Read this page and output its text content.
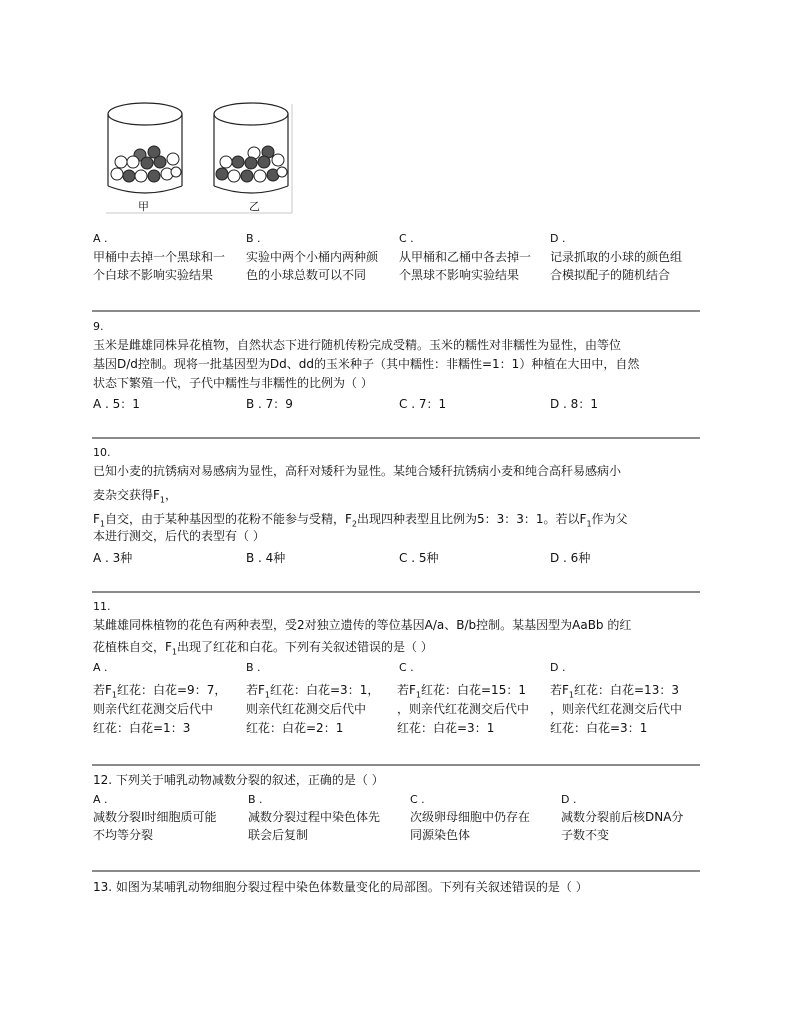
甲	乙
A .
甲桶中去掉一个黑球和一
个白球不影响实验结果
B .
实验中两个小桶内两种颜
色的小球总数可以不同
C .
从甲桶和乙桶中各去掉一
个黑球不影响实验结果
D .
记录抓取的小球的颜色组
合模拟配子的随机结合
9.
玉米是雌雄同株异花植物，自然状态下进行随机传粉完成受精。玉米的糯性对非糯性为显性，由等位
基因D/d控制。现将一批基因型为Dd、dd的玉米种子（其中糯性：非糯性=1：1）种植在大田中，自然
状态下繁殖一代，子代中糯性与非糯性的比例为（ ）
A . 5：1	B . 7：9	C . 7：1	D . 8：1
10.
已知小麦的抗锈病对易感病为显性，高秆对矮秆为显性。某纯合矮秆抗锈病小麦和纯合高秆易感病小
麦杂交获得$F_1$，
$F_1$自交，由于某种基因型的花粉不能参与受精，$F_2$出现四种表型且比例为5：3：3：1。若以$F_1$作为父
本进行测交，后代的表型有（ ）
A . 3种	B . 4种	C . 5种	D . 6种
11.
某雌雄同株植物的花色有两种表型，受2对独立遗传的等位基因A/a、B/b控制。某基因型为AaBb 的红
花植株自交，$F_1$出现了红花和白花。下列有关叙述错误的是（ ）
A .
若$F_1$红花：白花=9：7，
则亲代红花测交后代中
红花：白花=1：3
B .
若$F_1$红花：白花=3：1，
则亲代红花测交后代中
红花：白花=2：1
C .
若$F_1$红花：白花=15：1
，则亲代红花测交后代中
红花：白花=3：1
D .
若$F_1$红花：白花=13：3
，则亲代红花测交后代中
红花：白花=3：1
12. 下列关于哺乳动物减数分裂的叙述，正确的是（ ）
A .
减数分裂I时细胞质可能
不均等分裂
B .
减数分裂过程中染色体先
联会后复制
C .
次级卵母细胞中仍存在
同源染色体
D .
减数分裂前后核DNA分
子数不变
13. 如图为某哺乳动物细胞分裂过程中染色体数量变化的局部图。下列有关叙述错误的是（ ）
